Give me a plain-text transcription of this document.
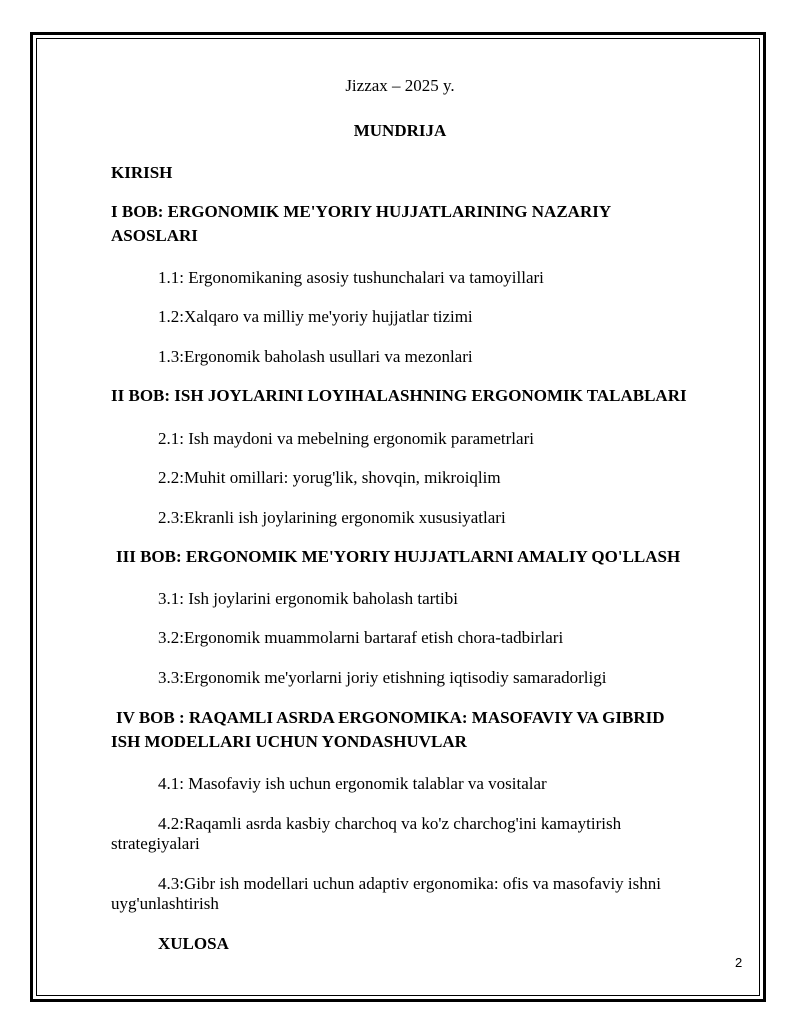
Jizzax – 2025 y.
MUNDRIJA
KIRISH
I BOB: ERGONOMIK ME'YORIY HUJJATLARINING NAZARIY
ASOSLARI
1.1: Ergonomikaning asosiy tushunchalari va tamoyillari
1.2:Xalqaro va milliy me'yoriy hujjatlar tizimi
1.3:Ergonomik baholash usullari va mezonlari
II BOB: ISH JOYLARINI LOYIHALASHNING ERGONOMIK TALABLARI
2.1: Ish maydoni va mebelning ergonomik parametrlari
2.2:Muhit omillari: yorug'lik, shovqin, mikroiqlim
2.3:Ekranli ish joylarining ergonomik xususiyatlari
III BOB: ERGONOMIK ME'YORIY HUJJATLARNI AMALIY QO'LLASH
3.1: Ish joylarini ergonomik baholash tartibi
3.2:Ergonomik muammolarni bartaraf etish chora-tadbirlari
3.3:Ergonomik me'yorlarni joriy etishning iqtisodiy samaradorligi
IV BOB : RAQAMLI ASRDA ERGONOMIKA: MASOFAVIY VA GIBRID
ISH MODELLARI UCHUN YONDASHUVLAR
4.1: Masofaviy ish uchun ergonomik talablar va vositalar
4.2:Raqamli asrda kasbiy charchoq va ko'z charchog'ini kamaytirish
strategiyalari
4.3:Gibr ish modellari uchun adaptiv ergonomika: ofis va masofaviy ishni
uyg'unlashtirish
XULOSA
2
